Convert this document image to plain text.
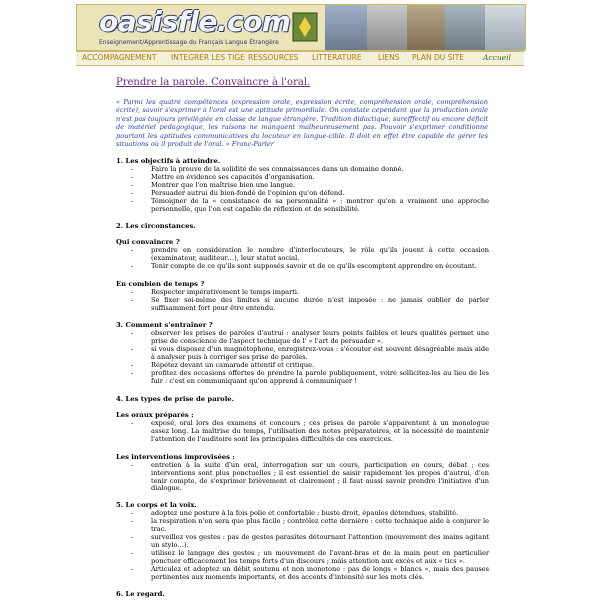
oasisfle.com
Enseignement/Apprentissage du Français Langue Étrangère
ACCOMPAGNEMENT INTEGRER LES TIGE RESSOURCES LITTERATURE LIENS PLAN DU SITE	Accueil
Prendre la parole. Convaincre à l'oral.
« Parmi les quatre compétences (expression orale, expression écrite, compréhension orale, compréhension écrite), savoir s'exprimer à l'oral est une aptitude primordiale. On constate cependant que la production orale n'est pas toujours privilégiée en classe de langue étrangère. Tradition didactique, surefffectif ou encore déficit de matériel pédagogique, les raisons ne manquent malheureusement pas. Pouvoir s'exprimer conditionne pourtant les aptitudes communicatives du locuteur en langue-cible. Il doit en effet être capable de gérer les situations où il produit de l'oral. » Franc-Parler
1. Les objectifs à atteindre.
-	Faire la preuve de la solidité de ses connaissances dans un domaine donné.
-	Mettre en évidence ses capacités d'organisation.
-	Montrer que l'on maîtrise bien une langue.
-	Persuader autrui du bien-fondé de l'opinion qu'on défend.
-	Témoigner de la « consistance de sa personnalité » : montrer qu'on a vraiment une approche personnelle, que l'on est capable de réflexion et de sensibilité.
2. Les circonstances.
Qui convaincre ?
-	prendre en considération le nombre d'interlocuteurs, le rôle qu'ils jouent à cette occasion (examinateur, auditeur…), leur statut social.
-	Tenir compte de ce qu'ils sont supposés savoir et de ce qu'ils escomptent apprendre en écoutant.
En combien de temps ?
-	Respecter impérativement le temps imparti.
-	Se fixer soi-même des limites si aucune durée n'est imposée : ne jamais oublier de parler suffisamment fort pour être entendu.
3. Comment s'entraîner ?
-	observer les prises de paroles d'autrui : analyser leurs points faibles et leurs qualités permet une prise de conscience de l'aspect technique de l' « l'art de persuader ».
-	si vous disposez d'un magnétophone, enregistrez-vous : s'écouter est souvent désagréable mais aide à analyser puis à corriger ses prise de paroles.
-	Répétez devant un camarade attentif et critique.
-	profitez des occasions offertes de prendre la parole publiquement, voire sollicitez-les au lieu de les fuir : c'est en communiquant qu'on apprend à communiquer !
4. Les types de prise de parole.
Les oraux préparés :
-	exposé, oral lors des examens et concours ; ces prises de parole s'apparentent à un monologue assez long. La maîtrise du temps, l'utilisation des notes préparatoires, et la nécessité de maintenir l'attention de l'auditoire sont les principales difficultés de ces exercices.
Les interventions improvisées :
-	entretien à la suite d'un oral, interrogation sur un cours, participation en cours, débat ; ces interventions sont plus ponctuelles ; il est essentiel de saisir rapidement les propos d'autrui, d'en tenir compte, de s'exprimer brièvement et clairement ; il faut aussi savoir prendre l'initiative d'un dialogue.
5. Le corps et la voix.
-	adoptez une posture à la fois polie et confortable : buste droit, épaules détendues, stabilité.
-	la respiration n'en sera que plus facile ; contrôlez cette dernière : cette technique aide à conjurer le trac.
-	surveillez vos gestes : pas de gestes parasites détournant l'attention (mouvement des mains agitant un stylo…).
-	utilisez le langage des gestes ; un mouvement de l'avant-bras et de la main peut en particulier ponctuer efficacement les temps forts d'un discours ; mais attention aux excès et aux « tics ».
-	Articulez et adoptez un débit soutenu et non monotone : pas de longs « blancs », mais des pauses pertinentes aux moments importants, et des accents d'intensité sur les mots clés.
6. Le regard.
